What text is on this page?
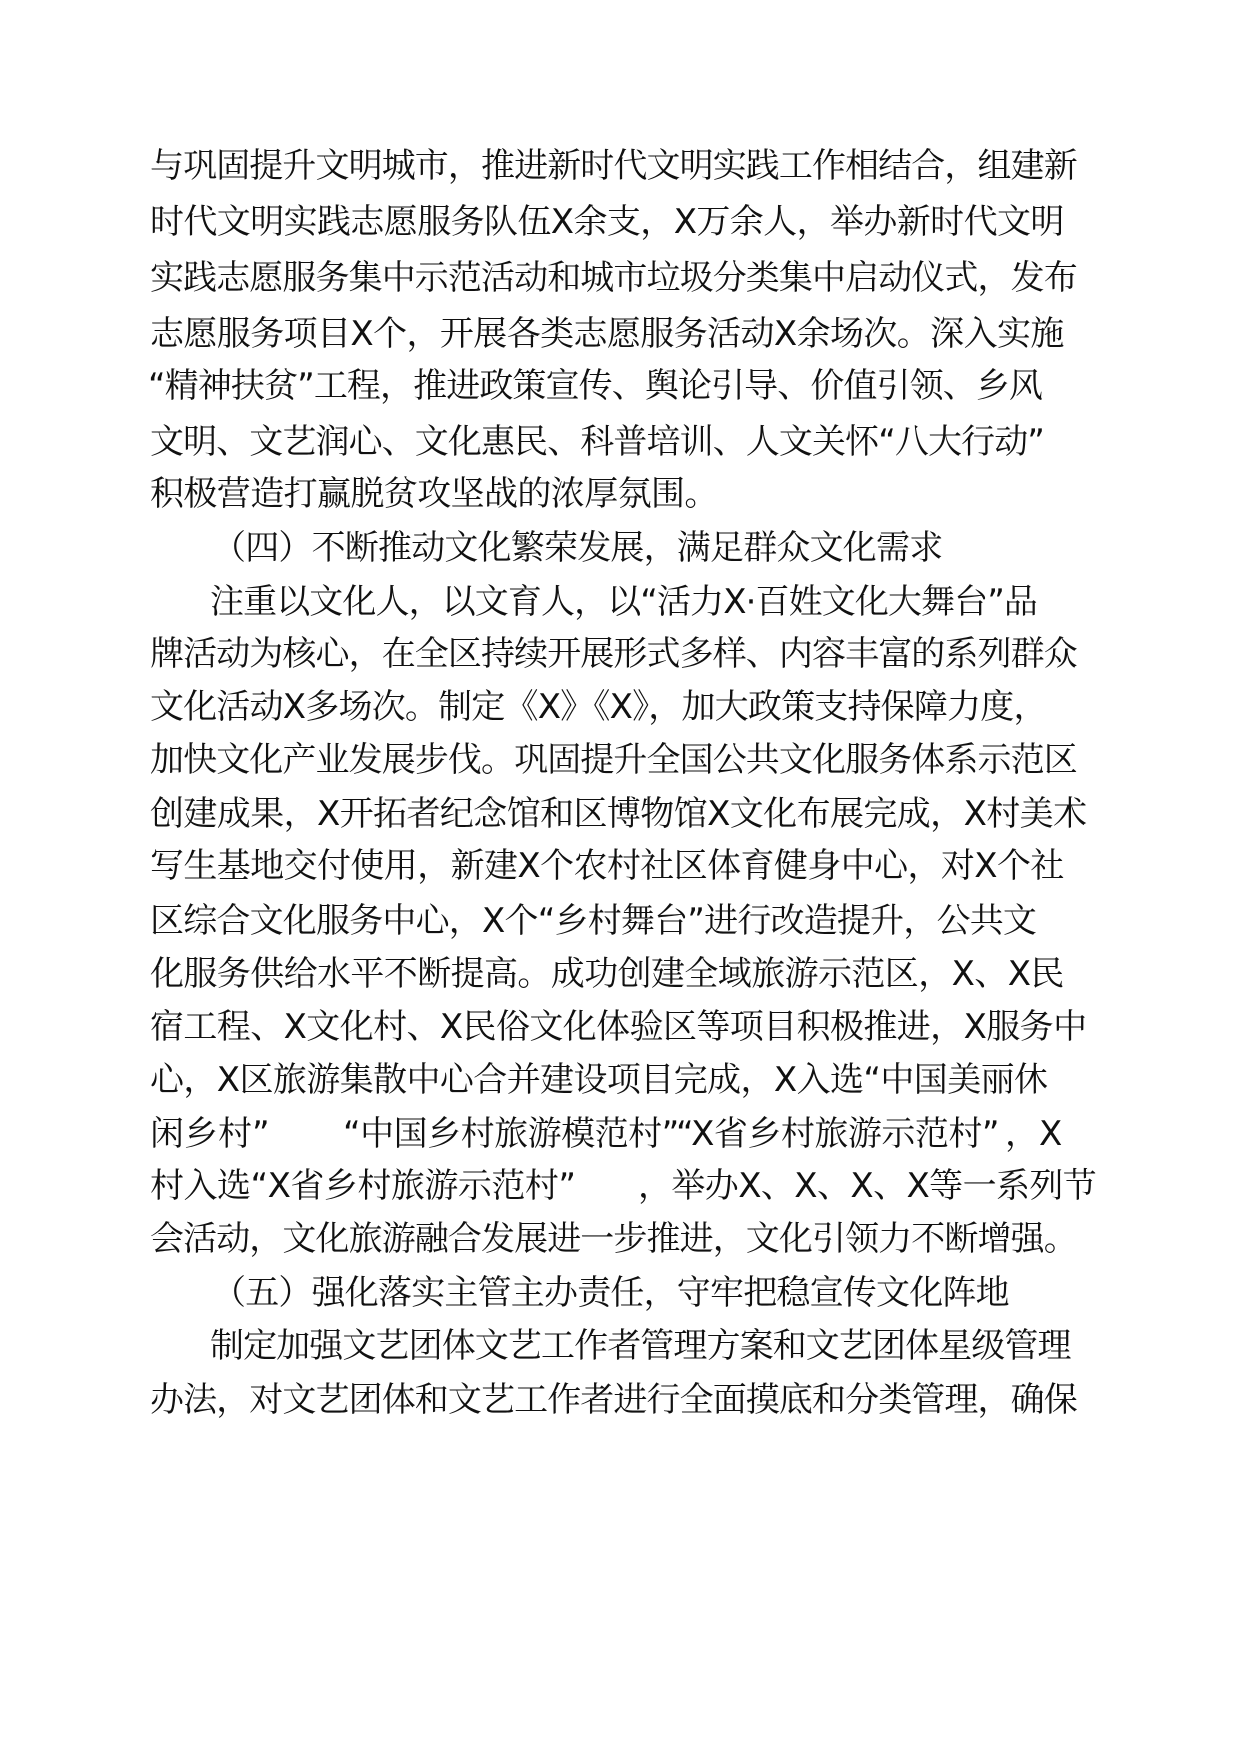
与巩固提升文明城市，推进新时代文明实践工作相结合，组建新
时代文明实践志愿服务队伍X余支，X万余人，举办新时代文明
实践志愿服务集中示范活动和城市垃圾分类集中启动仪式，发布
志愿服务项目X个，开展各类志愿服务活动X余场次。深入实施
“精神扶贫”工程，推进政策宣传、舆论引导、价值引领、乡风
文明、文艺润心、文化惠民、科普培训、人文关怀“八大行动”
积极营造打赢脱贫攻坚战的浓厚氛围。
（四）不断推动文化繁荣发展，满足群众文化需求
注重以文化人，以文育人，以“活力X·百姓文化大舞台”品
牌活动为核心，在全区持续开展形式多样、内容丰富的系列群众
文化活动X多场次。制定《X》《X》，加大政策支持保障力度，
加快文化产业发展步伐。巩固提升全国公共文化服务体系示范区
创建成果，X开拓者纪念馆和区博物馆X文化布展完成，X村美术
写生基地交付使用，新建X个农村社区体育健身中心，对X个社
区综合文化服务中心，X个“乡村舞台”进行改造提升，公共文
化服务供给水平不断提高。成功创建全域旅游示范区，X、X民
宿工程、X文化村、X民俗文化体验区等项目积极推进，X服务中
心，X区旅游集散中心合并建设项目完成，X入选“中国美丽休
闲乡村” “中国乡村旅游模范村”
“X省乡村旅游示范村” ，X
村入选“X省乡村旅游示范村” ，举办X、X、X、X等一系列节
会活动，文化旅游融合发展进一步推进，文化引领力不断增强。
（五）强化落实主管主办责任，守牢把稳宣传文化阵地
制定加强文艺团体文艺工作者管理方案和文艺团体星级管理
办法，对文艺团体和文艺工作者进行全面摸底和分类管理，确保
